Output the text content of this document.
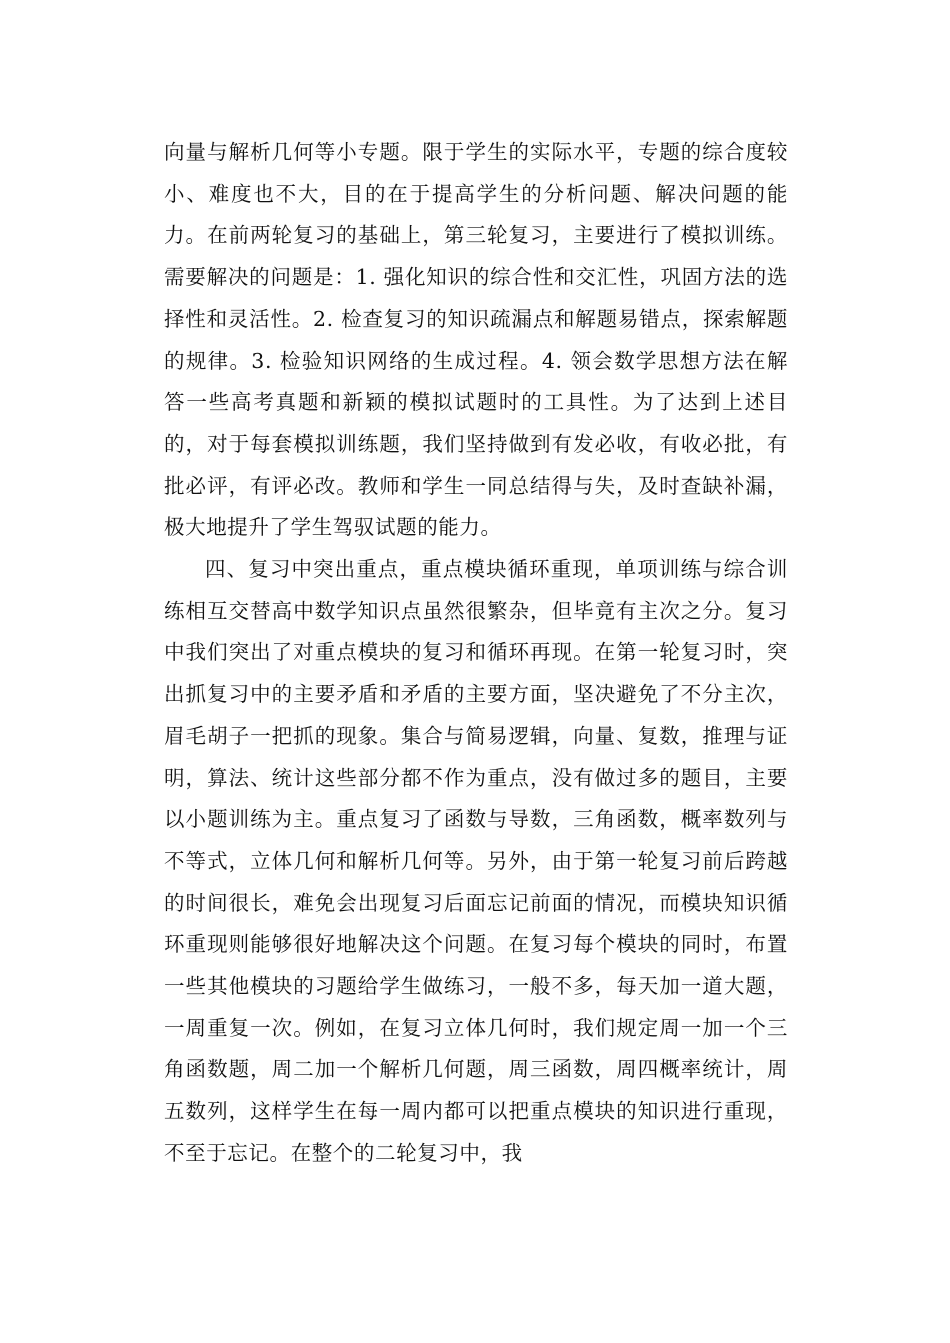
向量与解析几何等小专题。限于学生的实际水平，专题的综合度较小、难度也不大，目的在于提高学生的分析问题、解决问题的能力。在前两轮复习的基础上，第三轮复习，主要进行了模拟训练。需要解决的问题是：1. 强化知识的综合性和交汇性，巩固方法的选择性和灵活性。2. 检查复习的知识疏漏点和解题易错点，探索解题的规律。3. 检验知识网络的生成过程。4. 领会数学思想方法在解答一些高考真题和新颖的模拟试题时的工具性。为了达到上述目的，对于每套模拟训练题，我们坚持做到有发必收，有收必批，有批必评，有评必改。教师和学生一同总结得与失，及时查缺补漏，极大地提升了学生驾驭试题的能力。

四、复习中突出重点，重点模块循环重现，单项训练与综合训练相互交替高中数学知识点虽然很繁杂，但毕竟有主次之分。复习中我们突出了对重点模块的复习和循环再现。在第一轮复习时，突出抓复习中的主要矛盾和矛盾的主要方面，坚决避免了不分主次，眉毛胡子一把抓的现象。集合与简易逻辑，向量、复数，推理与证明，算法、统计这些部分都不作为重点，没有做过多的题目，主要以小题训练为主。重点复习了函数与导数，三角函数，概率数列与不等式，立体几何和解析几何等。另外，由于第一轮复习前后跨越的时间很长，难免会出现复习后面忘记前面的情况，而模块知识循环重现则能够很好地解决这个问题。在复习每个模块的同时，布置一些其他模块的习题给学生做练习，一般不多，每天加一道大题，一周重复一次。例如，在复习立体几何时，我们规定周一加一个三角函数题，周二加一个解析几何题，周三函数，周四概率统计，周五数列，这样学生在每一周内都可以把重点模块的知识进行重现，不至于忘记。在整个的二轮复习中，我
